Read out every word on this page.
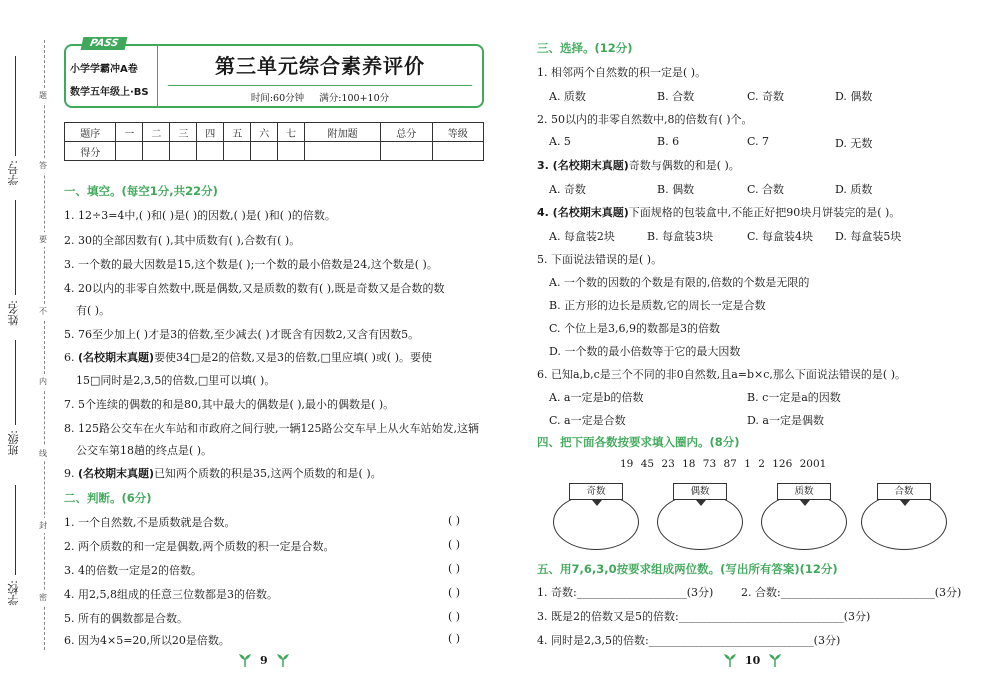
学号:
姓名:
班级:
学校:
题
答
要
不
内
线
封
密
PASS
小学学霸冲A卷
数学五年级上·BS
第三单元综合素养评价
时间:60分钟 满分:100+10分
题序	一	二	三	四	五	六	七	附加题	总分	等级
得分										
一、填空。(每空1分,共22分)
1. 12÷3=4中,( )和( )是( )的因数,( )是( )和( )的倍数。
2. 30的全部因数有( ),其中质数有( ),合数有( )。
3. 一个数的最大因数是15,这个数是( );一个数的最小倍数是24,这个数是( )。
4. 20以内的非零自然数中,既是偶数,又是质数的数有( ),既是奇数又是合数的数
有( )。
5. 76至少加上( )才是3的倍数,至少减去( )才既含有因数2,又含有因数5。
6. (名校期末真题)要使34□是2的倍数,又是3的倍数,□里应填( )或( )。要使
15□同时是2,3,5的倍数,□里可以填( )。
7. 5个连续的偶数的和是80,其中最大的偶数是( ),最小的偶数是( )。
8. 125路公交车在火车站和市政府之间行驶,一辆125路公交车早上从火车站始发,这辆
公交车第18趟的终点是( )。
9. (名校期末真题)已知两个质数的积是35,这两个质数的和是( )。
二、判断。(6分)
1. 一个自然数,不是质数就是合数。	( )
2. 两个质数的和一定是偶数,两个质数的积一定是合数。	( )
3. 4的倍数一定是2的倍数。	( )
4. 用2,5,8组成的任意三位数都是3的倍数。	( )
5. 所有的偶数都是合数。	( )
6. 因为4×5=20,所以20是倍数。	( )
9
三、选择。(12分)
1. 相邻两个自然数的积一定是( )。
A. 质数	B. 合数	C. 奇数	D. 偶数
2. 50以内的非零自然数中,8的倍数有( )个。
A. 5	B. 6	C. 7	D. 无数
3. (名校期末真题)奇数与偶数的和是( )。
A. 奇数	B. 偶数	C. 合数	D. 质数
4. (名校期末真题)下面规格的包装盒中,不能正好把90块月饼装完的是( )。
A. 每盒装2块	B. 每盒装3块	C. 每盒装4块 D. 每盒装5块
5. 下面说法错误的是( )。
A. 一个数的因数的个数是有限的,倍数的个数是无限的
B. 正方形的边长是质数,它的周长一定是合数
C. 个位上是3,6,9的数都是3的倍数
D. 一个数的最小倍数等于它的最大因数
6. 已知a,b,c是三个不同的非0自然数,且a=b×c,那么下面说法错误的是( )。
A. a一定是b的倍数	B. c一定是a的因数
C. a一定是合数	D. a一定是偶数
四、把下面各数按要求填入圈内。(8分)
19 45 23 18 73 87 1 2 126 2001
奇数	偶数	质数	合数
五、用7,6,3,0按要求组成两位数。(写出所有答案)(12分)
1. 奇数:____________________(3分)	2. 合数:____________________________(3分)
3. 既是2的倍数又是5的倍数:______________________________(3分)
4. 同时是2,3,5的倍数:______________________________(3分)
10
